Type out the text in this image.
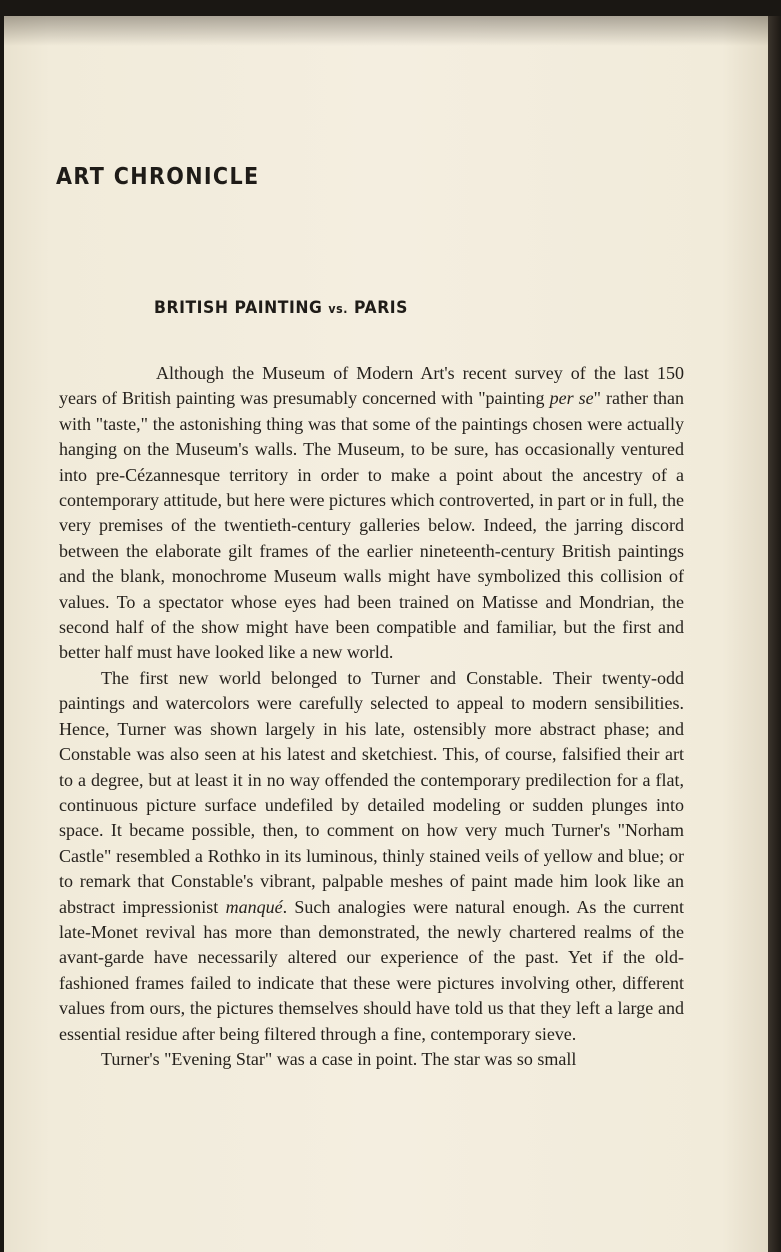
ART CHRONICLE
BRITISH PAINTING vs. PARIS

Although the Museum of Modern Art's recent survey of the last 150 years of British painting was presumably concerned with "painting per se" rather than with "taste," the astonishing thing was that some of the paintings chosen were actually hanging on the Museum's walls. The Museum, to be sure, has occasionally ventured into pre-Cézannesque territory in order to make a point about the ancestry of a contemporary attitude, but here were pictures which controverted, in part or in full, the very premises of the twentieth-century galleries below. Indeed, the jarring discord between the elaborate gilt frames of the earlier nineteenth-century British paintings and the blank, monochrome Museum walls might have symbolized this collision of values. To a spectator whose eyes had been trained on Matisse and Mondrian, the second half of the show might have been compatible and familiar, but the first and better half must have looked like a new world.

The first new world belonged to Turner and Constable. Their twenty-odd paintings and watercolors were carefully selected to appeal to modern sensibilities. Hence, Turner was shown largely in his late, ostensibly more abstract phase; and Constable was also seen at his latest and sketchiest. This, of course, falsified their art to a degree, but at least it in no way offended the contemporary predilection for a flat, continuous picture surface undefiled by detailed modeling or sudden plunges into space. It became possible, then, to comment on how very much Turner's "Norham Castle" resembled a Rothko in its luminous, thinly stained veils of yellow and blue; or to remark that Constable's vibrant, palpable meshes of paint made him look like an abstract impressionist manqué. Such analogies were natural enough. As the current late-Monet revival has more than demonstrated, the newly chartered realms of the avant-garde have necessarily altered our experience of the past. Yet if the old-fashioned frames failed to indicate that these were pictures involving other, different values from ours, the pictures themselves should have told us that they left a large and essential residue after being filtered through a fine, contemporary sieve.

Turner's "Evening Star" was a case in point. The star was so small
